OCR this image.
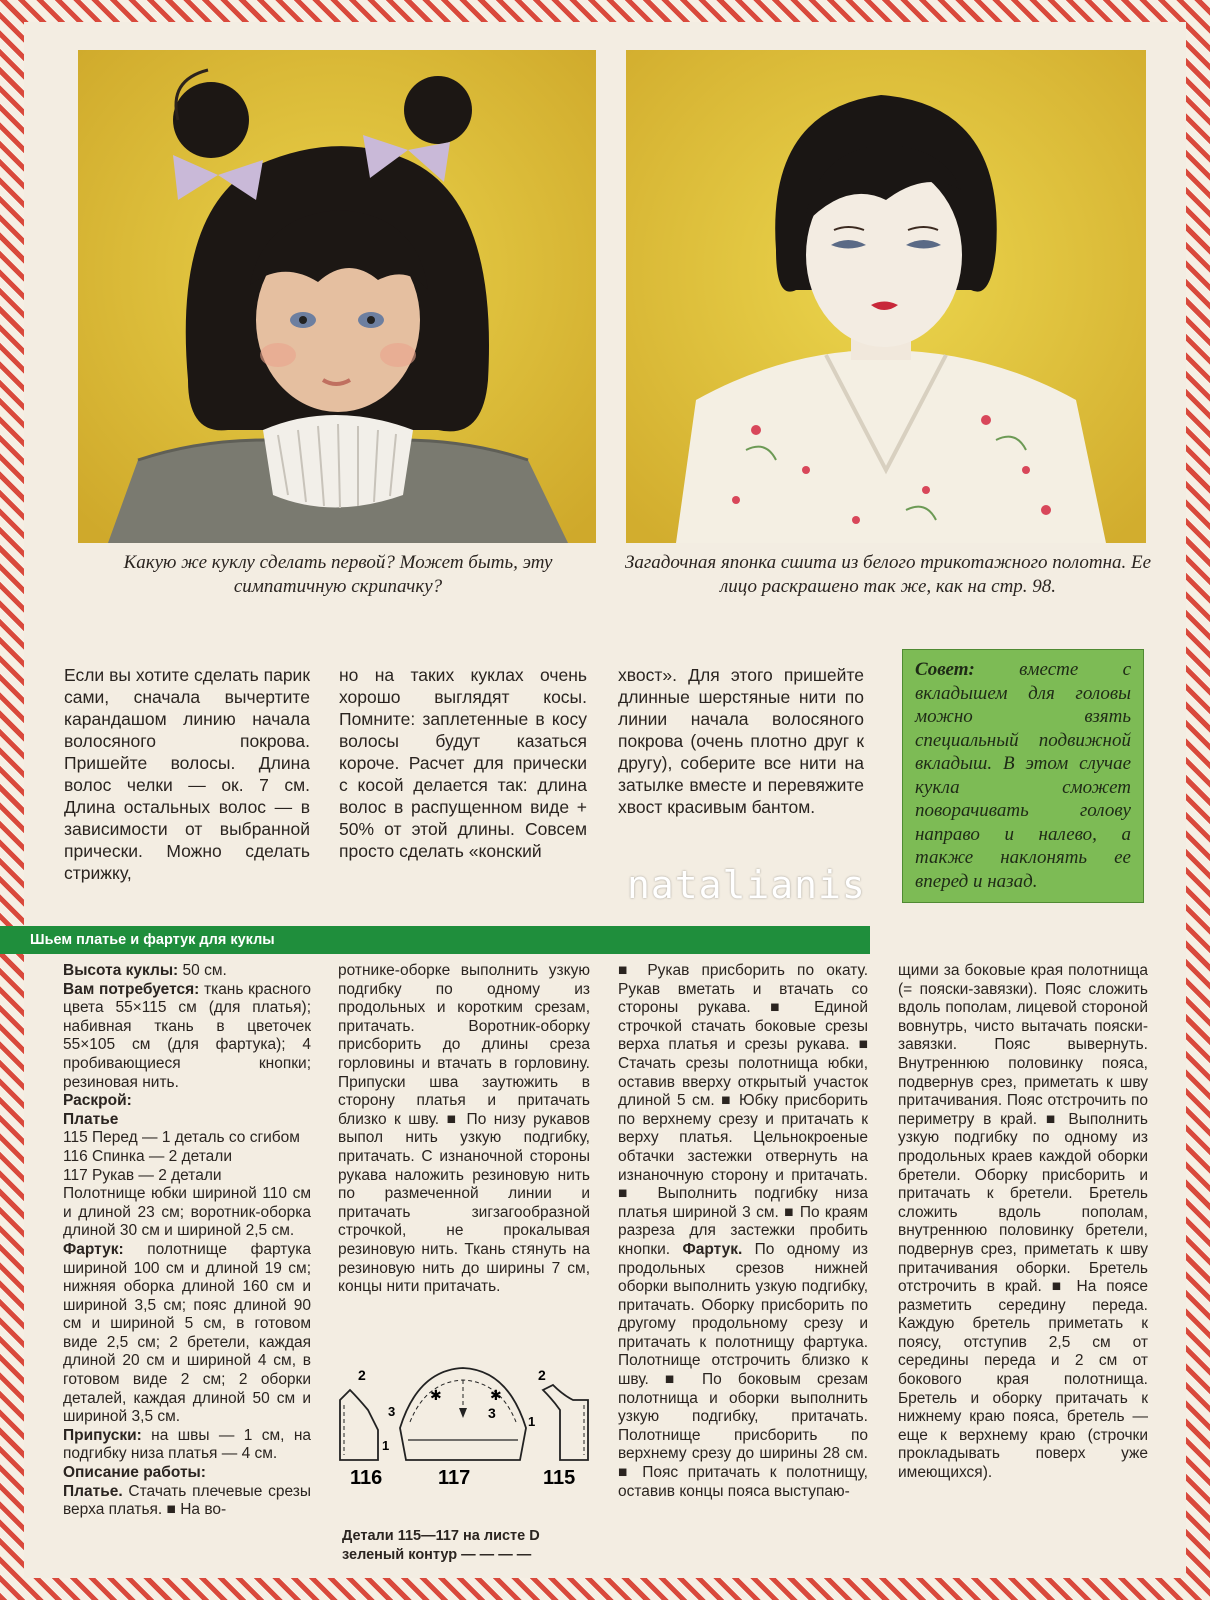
Какую же куклу сделать первой? Может быть, эту симпатичную скрипачку?
Загадочная японка сшита из белого трикотажного полотна. Ее лицо раскрашено так же, как на стр. 98.

Если вы хотите сделать парик сами, сначала вычертите карандашом линию начала волосяного покрова. Пришейте волосы. Длина волос челки — ок. 7 см. Длина остальных волос — в зависимости от выбранной прически. Можно сделать стрижку,

но на таких куклах очень хорошо выглядят косы. Помните: заплетенные в косу волосы будут казаться короче. Расчет для прически с косой делается так: длина волос в распущенном виде + 50% от этой длины. Совсем просто сделать «конский

хвост». Для этого пришейте длинные шерстяные нити по линии начала волосяного покрова (очень плотно друг к другу), соберите все нити на затылке вместе и перевяжите хвост красивым бантом.

Совет: вместе с вкладышем для головы можно взять специальный подвижной вкладыш. В этом случае кукла сможет поворачивать голову направо и налево, а также наклонять ее вперед и назад.
natalianis
Шьем платье и фартук для куклы

Высота куклы: 50 см.

Вам потребуется: ткань красного цвета 55×115 см (для платья); набивная ткань в цветочек 55×105 см (для фартука); 4 пробивающиеся кнопки; резиновая нить.

Раскрой:

Платье

115 Перед — 1 деталь со сгибом

116 Спинка — 2 детали

117 Рукав — 2 детали

Полотнище юбки шириной 110 см и длиной 23 см; воротник-оборка длиной 30 см и шириной 2,5 см.

Фартук: полотнище фартука шириной 100 см и длиной 19 см; нижняя оборка длиной 160 см и шириной 3,5 см; пояс длиной 90 см и шириной 5 см, в готовом виде 2,5 см; 2 бретели, каждая длиной 20 см и шириной 4 см, в готовом виде 2 см; 2 оборки деталей, каждая длиной 50 см и шириной 3,5 см.

Припуски: на швы — 1 см, на подгибку низа платья — 4 см.

Описание работы:

Платье. Стачать плечевые срезы верха платья. ■ На во-

ротнике-оборке выполнить узкую подгибку по одному из продольных и коротким срезам, притачать. Воротник-оборку присборить до длины среза горловины и втачать в горловину. Припуски шва заутюжить в сторону платья и притачать близко к шву. ■ По низу рукавов выпол нить узкую подгибку, притачать. С изнаночной стороны рукава наложить резиновую нить по размеченной линии и притачать зигзагообразной строчкой, не прокалывая резиновую нить. Ткань стянуть на резиновую нить до ширины 7 см, концы нити притачать.

■ Рукав присборить по окату. Рукав вметать и втачать со стороны рукава. ■ Единой строчкой стачать боковые срезы верха платья и срезы рукава. ■ Стачать срезы полотнища юбки, оставив вверху открытый участок длиной 5 см. ■ Юбку присборить по верхнему срезу и притачать к верху платья. Цельнокроеные обтачки застежки отвернуть на изнаночную сторону и притачать. ■ Выполнить подгибку низа платья шириной 3 см. ■ По краям разреза для застежки пробить кнопки. Фартук. По одному из продольных срезов нижней оборки выполнить узкую подгибку, притачать. Оборку присборить по другому продольному срезу и притачать к полотнищу фартука. Полотнище отстрочить близко к шву. ■ По боковым срезам полотнища и оборки выполнить узкую подгибку, притачать. Полотнище присборить по верхнему срезу до ширины 28 см. ■ Пояс притачать к полотнищу, оставив концы пояса выступаю-

щими за боковые края полотнища (= пояски-завязки). Пояс сложить вдоль пополам, лицевой стороной вовнутрь, чисто вытачать пояски-завязки. Пояс вывернуть. Внутреннюю половинку пояса, подвернув срез, приметать к шву притачивания. Пояс отстрочить по периметру в край. ■ Выполнить узкую подгибку по одному из продольных краев каждой оборки бретели. Оборку присборить и притачать к бретели. Бретель сложить вдоль пополам, внутреннюю половинку бретели, подвернув срез, приметать к шву притачивания оборки. Бретель отстрочить в край. ■ На поясе разметить середину переда. Каждую бретель приметать к поясу, отступив 2,5 см от середины переда и 2 см от бокового края полотнища. Бретель и оборку притачать к нижнему краю пояса, бретель — еще к верхнему краю (строчки прокладывать поверх уже имеющихся).

✱	✱
116	117	115
2
1
3	3
2
1
Детали 115—117 на листе D зеленый контур — — — —
